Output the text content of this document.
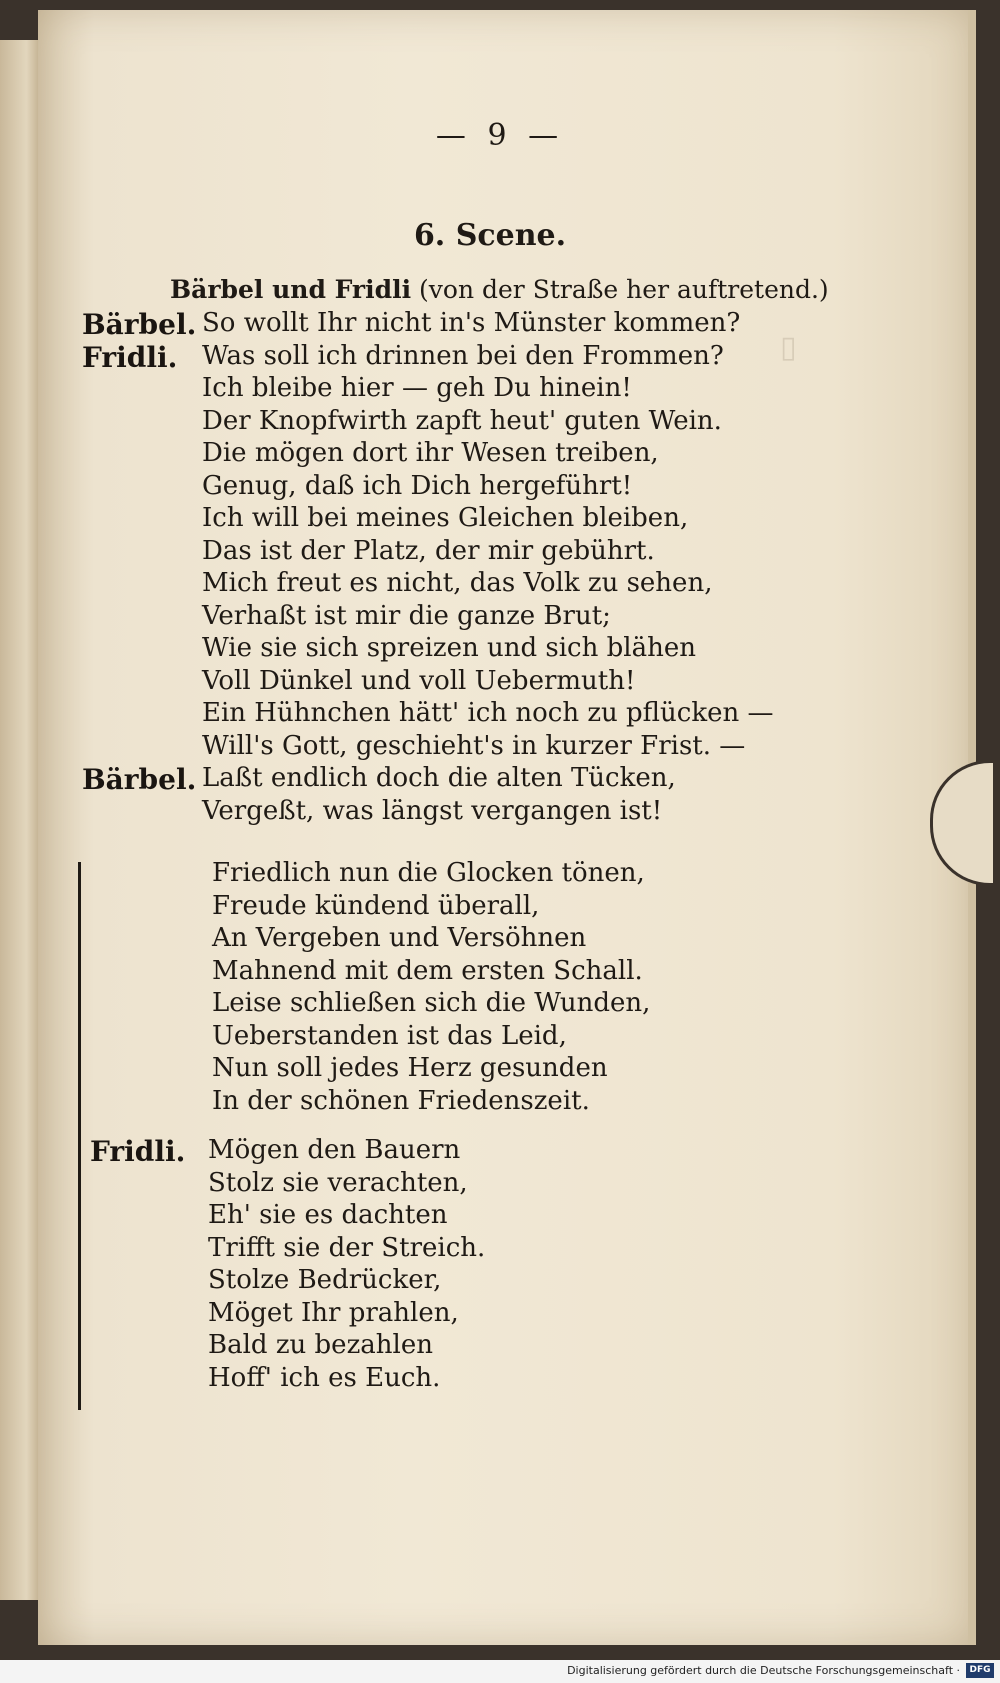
▯
— 9 —
6. Scene.
Bärbel und Fridli (von der Straße her auftretend.)
Bärbel. So wollt Ihr nicht in's Münster kommen?
Fridli. Was soll ich drinnen bei den Frommen?
Ich bleibe hier — geh Du hinein!
Der Knopfwirth zapft heut' guten Wein.
Die mögen dort ihr Wesen treiben,
Genug, daß ich Dich hergeführt!
Ich will bei meines Gleichen bleiben,
Das ist der Platz, der mir gebührt.
Mich freut es nicht, das Volk zu sehen,
Verhaßt ist mir die ganze Brut;
Wie sie sich spreizen und sich blähen
Voll Dünkel und voll Uebermuth!
Ein Hühnchen hätt' ich noch zu pflücken —
Will's Gott, geschieht's in kurzer Frist. —
Bärbel. Laßt endlich doch die alten Tücken,
Vergeßt, was längst vergangen ist!
Friedlich nun die Glocken tönen,
Freude kündend überall,
An Vergeben und Versöhnen
Mahnend mit dem ersten Schall.
Leise schließen sich die Wunden,
Ueberstanden ist das Leid,
Nun soll jedes Herz gesunden
In der schönen Friedenszeit.
Fridli. Mögen den Bauern
Stolz sie verachten,
Eh' sie es dachten
Trifft sie der Streich.
Stolze Bedrücker,
Möget Ihr prahlen,
Bald zu bezahlen
Hoff' ich es Euch.
Digitalisierung gefördert durch die Deutsche Forschungsgemeinschaft ·	DFG
